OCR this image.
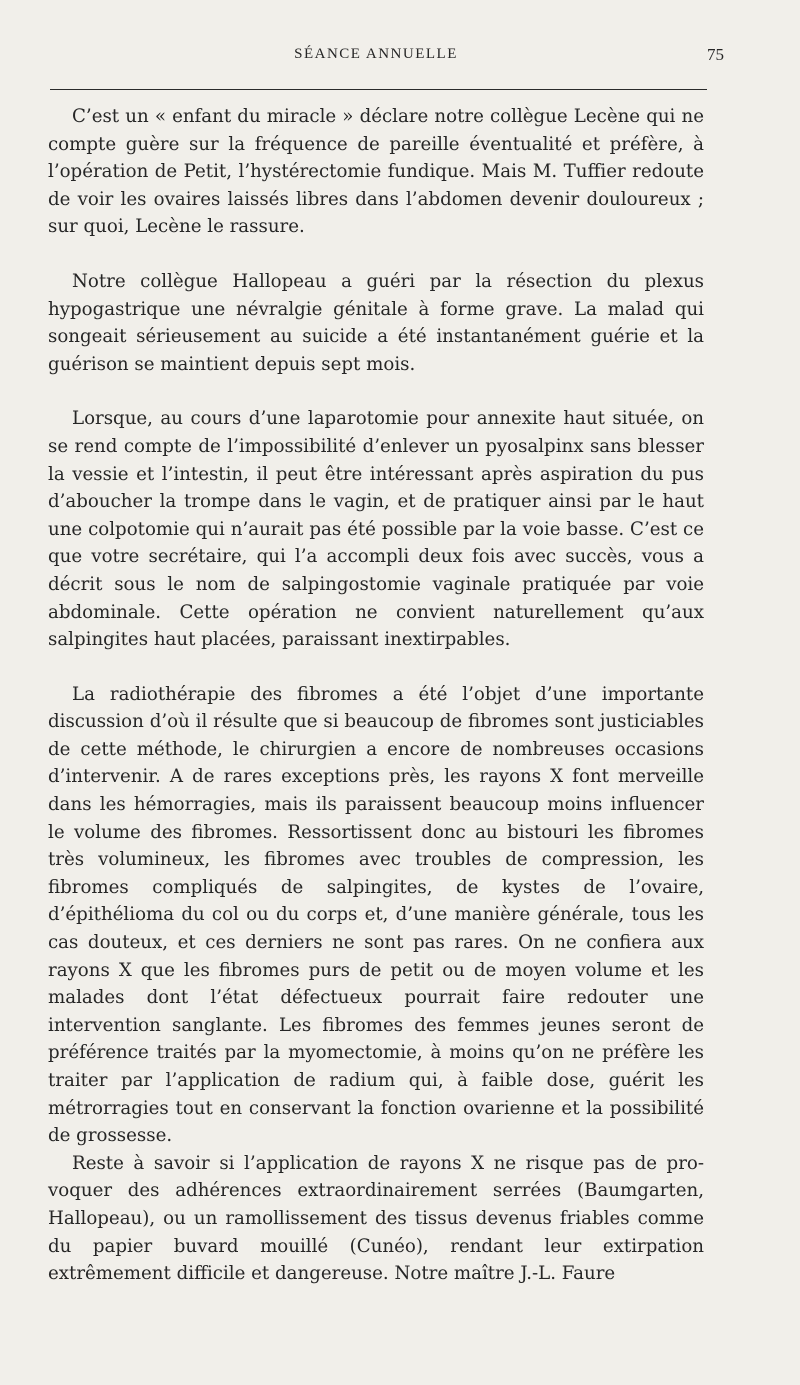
SÉANCE ANNUELLE	75

C’est un « enfant du miracle » déclare notre collègue Lecène qui ne compte guère sur la fréquence de pareille éventualité et préfère, à l’opération de Petit, l’hystérectomie fundique. Mais M. Tuffier redoute de voir les ovaires laissés libres dans l’abdomen devenir douloureux ; sur quoi, Lecène le rassure.

Notre collègue Hallopeau a guéri par la résection du plexus hypogastrique une névralgie génitale à forme grave. La malad qui songeait sérieusement au suicide a été instantanément guérie et la guérison se maintient depuis sept mois.

Lorsque, au cours d’une laparotomie pour annexite haut située, on se rend compte de l’impossibilité d’enlever un pyosalpinx sans blesser la vessie et l’intestin, il peut être intéressant après aspiration du pus d’aboucher la trompe dans le vagin, et de pratiquer ainsi par le haut une colpotomie qui n’aurait pas été possible par la voie basse. C’est ce que votre secrétaire, qui l’a accompli deux fois avec succès, vous a décrit sous le nom de salpingostomie vaginale pratiquée par voie abdominale. Cette opération ne convient naturellement qu’aux salpingites haut placées, paraissant inextirpables.

La radiothérapie des fibromes a été l’objet d’une importante discussion d’où il résulte que si beaucoup de fibromes sont justiciables de cette méthode, le chirurgien a encore de nombreuses occasions d’intervenir. A de rares exceptions près, les rayons X font merveille dans les hémorragies, mais ils paraissent beaucoup moins influencer le volume des fibromes. Ressortissent donc au bistouri les fibromes très volumineux, les fibromes avec troubles de compression, les fibromes compliqués de salpingites, de kystes de l’ovaire, d’épithélioma du col ou du corps et, d’une manière générale, tous les cas douteux, et ces derniers ne sont pas rares. On ne confiera aux rayons X que les fibromes purs de petit ou de moyen volume et les malades dont l’état défectueux pourrait faire redouter une intervention sanglante. Les fibromes des femmes jeunes seront de préférence traités par la myomectomie, à moins qu’on ne préfère les traiter par l’application de radium qui, à faible dose, guérit les métrorragies tout en conservant la fonction ovarienne et la possibilité de grossesse.

Reste à savoir si l’application de rayons X ne risque pas de provoquer des adhérences extraordinairement serrées (Baumgarten, Hallopeau), ou un ramollissement des tissus devenus friables comme du papier buvard mouillé (Cunéo), rendant leur extirpation extrêmement difficile et dangereuse. Notre maître J.-L. Faure
